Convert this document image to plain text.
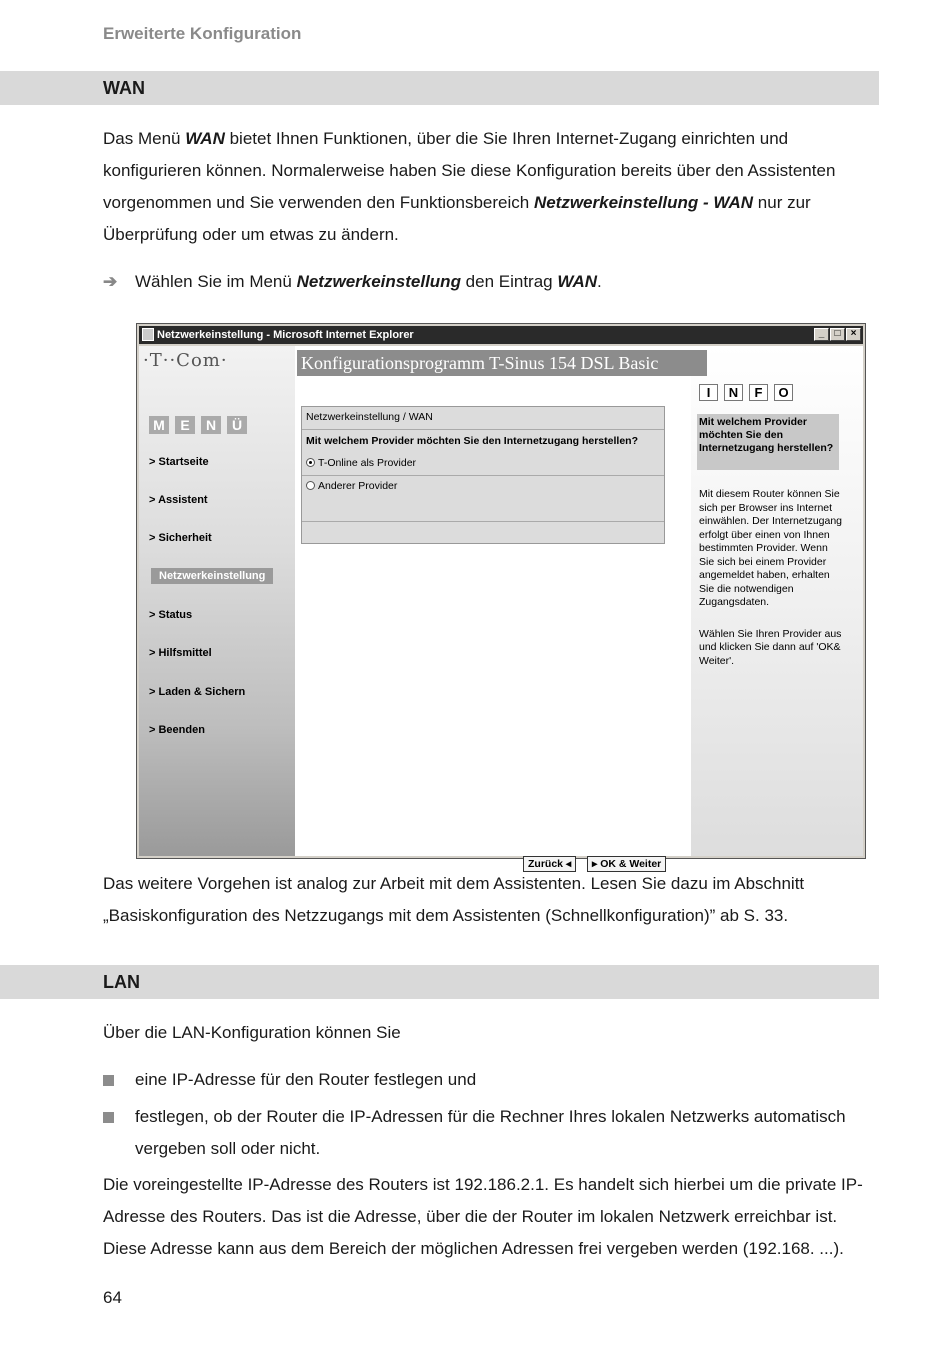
Erweiterte Konfiguration
WAN

Das Menü WAN bietet Ihnen Funktionen, über die Sie Ihren Internet-Zugang einrichten und konfigurieren können. Normalerweise haben Sie diese Konfiguration bereits über den Assistenten vorgenommen und Sie verwenden den Funktionsbereich Netzwerkeinstellung - WAN nur zur Überprüfung oder um etwas zu ändern.

➔ Wählen Sie im Menü Netzwerkeinstellung den Eintrag WAN.
Netzwerkeinstellung - Microsoft Internet Explorer	_	□	×
·T··Com·	Konfigurationsprogramm T-Sinus 154 DSL Basic
M	E	N	Ü
> Startseite
> Assistent
> Sicherheit
Netzwerkeinstellung
> Status
> Hilfsmittel
> Laden & Sichern
> Beenden
I	N	F	O
Netzwerkeinstellung / WAN
Mit welchem Provider möchten Sie den Internetzugang herstellen?
T-Online als Provider
Anderer Provider
Mit welchem Provider möchten Sie den Internetzugang herstellen?

Mit diesem Router können Sie sich per Browser ins Internet einwählen. Der Internetzugang erfolgt über einen von Ihnen bestimmten Provider. Wenn Sie sich bei einem Provider angemeldet haben, erhalten Sie die notwendigen Zugangsdaten.

Wählen Sie Ihren Provider aus und klicken Sie dann auf 'OK& Weiter'.

Zurück ◂	▸ OK & Weiter

Das weitere Vorgehen ist analog zur Arbeit mit dem Assistenten. Lesen Sie dazu im Abschnitt „Basiskonfiguration des Netzzugangs mit dem Assistenten (Schnellkonfiguration)” ab S. 33.

LAN

Über die LAN-Konfiguration können Sie

eine IP-Adresse für den Router festlegen und
festlegen, ob der Router die IP-Adressen für die Rechner Ihres lokalen Netzwerks automatisch vergeben soll oder nicht.

Die voreingestellte IP-Adresse des Routers ist 192.186.2.1. Es handelt sich hierbei um die private IP-Adresse des Routers. Das ist die Adresse, über die der Router im lokalen Netzwerk erreichbar ist. Diese Adresse kann aus dem Bereich der möglichen Adressen frei vergeben werden (192.168. ...).

64
